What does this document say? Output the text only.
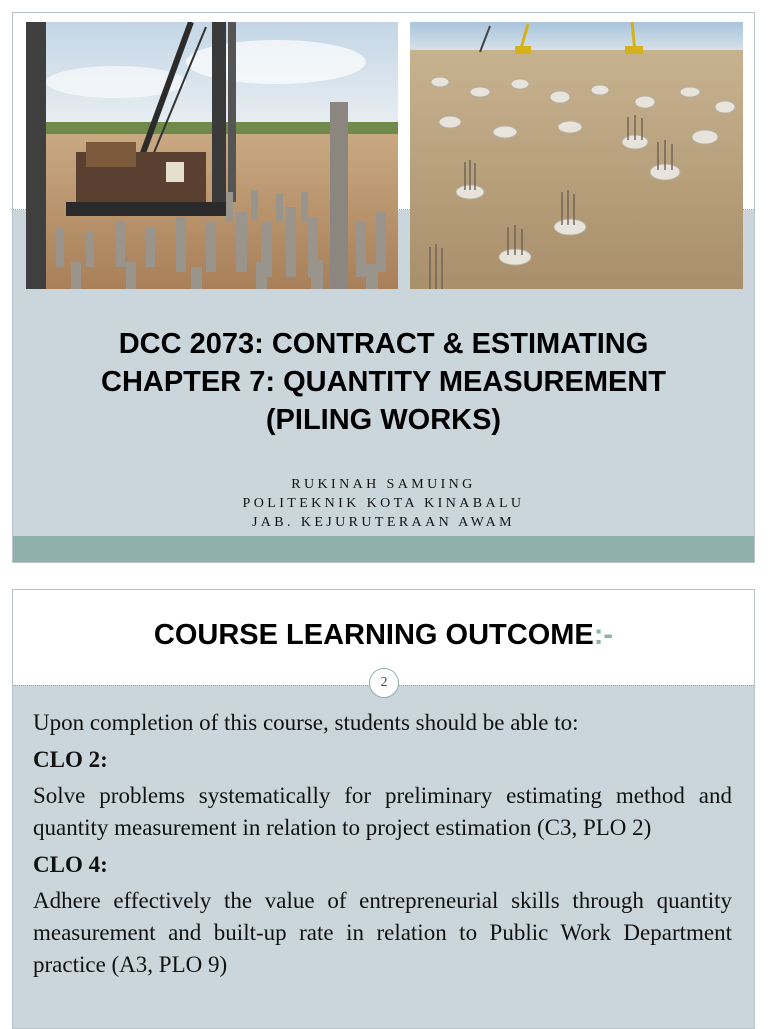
DCC 2073: CONTRACT & ESTIMATING
CHAPTER 7: QUANTITY MEASUREMENT
(PILING WORKS)
RUKINAH SAMUING
POLITEKNIK KOTA KINABALU
JAB. KEJURUTERAAN AWAM
COURSE LEARNING OUTCOME:-
2

Upon completion of this course, students should be able to:

CLO 2:

Solve problems systematically for preliminary estimating method and quantity measurement in relation to project estimation (C3, PLO 2)

CLO 4:

Adhere effectively the value of entrepreneurial skills through quantity measurement and built-up rate in relation to Public Work Department practice (A3, PLO 9)
